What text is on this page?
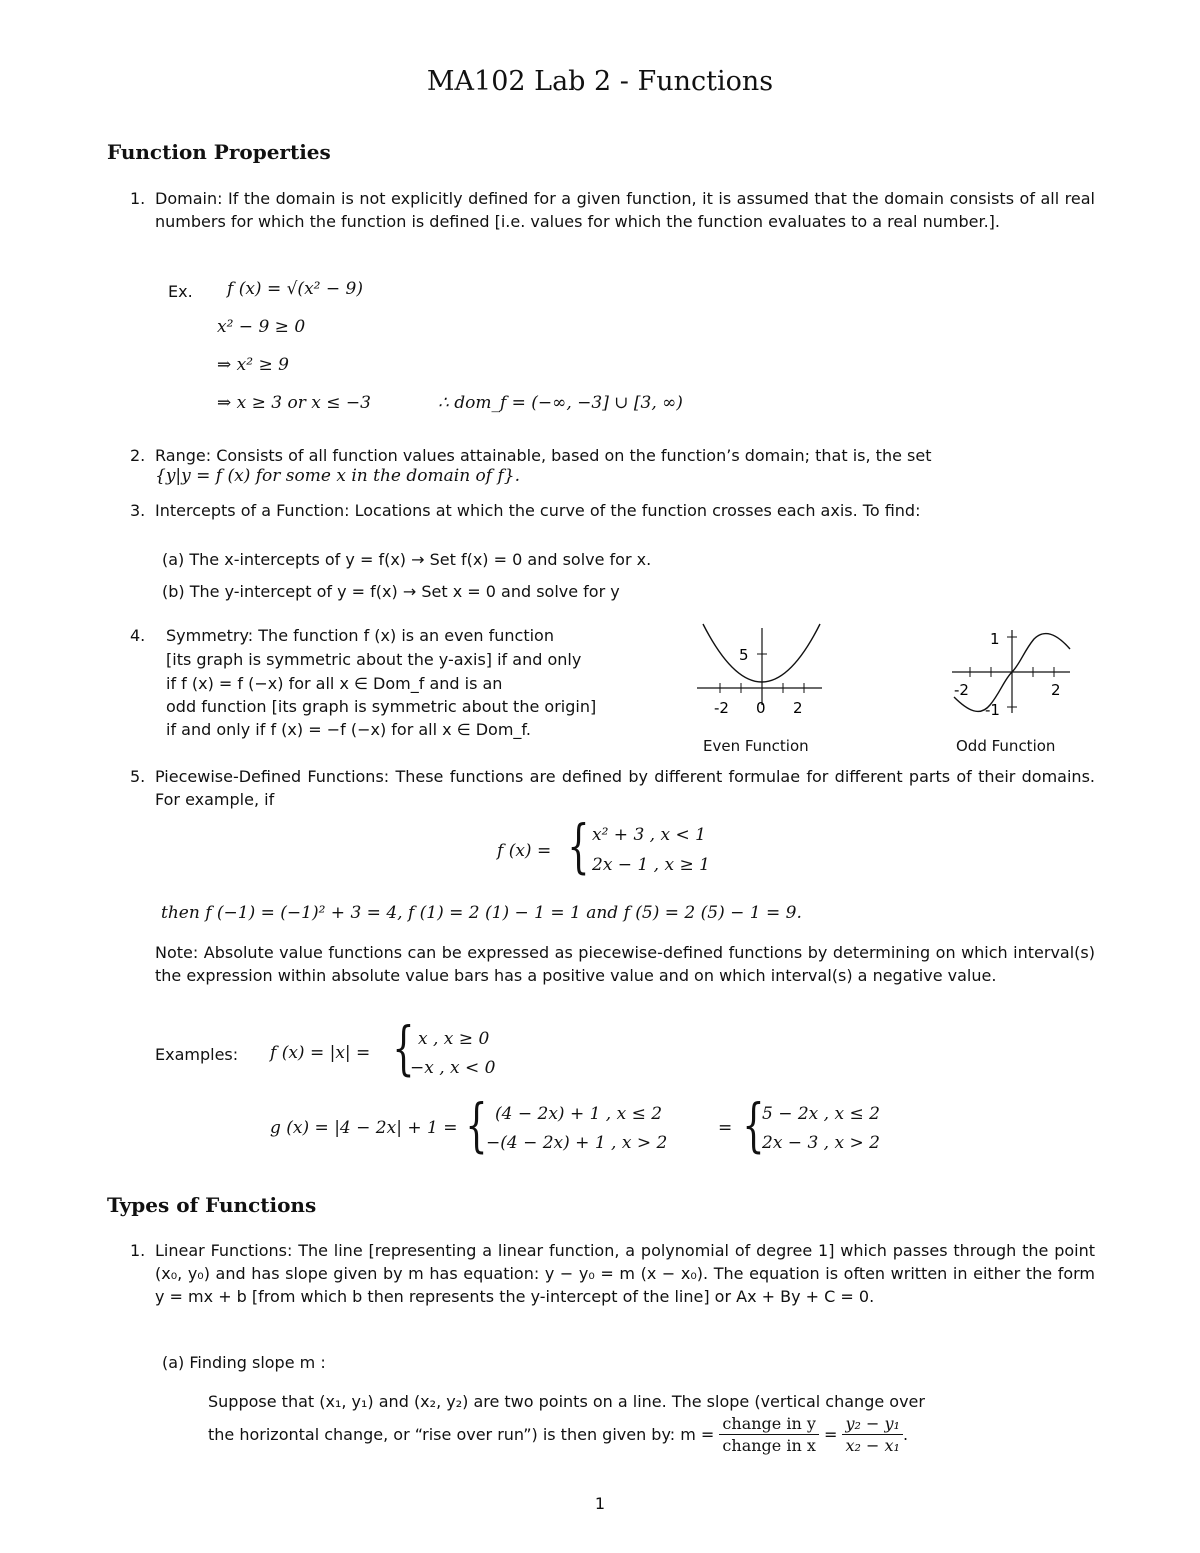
MA102 Lab 2 - Functions
Function Properties
1. Domain: If the domain is not explicitly defined for a given function, it is assumed that the domain consists of all real numbers for which the function is defined [i.e. values for which the function evaluates to a real number.].
Ex. f (x) = √(x² − 9)
x² − 9 ≥ 0
⇒ x² ≥ 9
⇒ x ≥ 3 or x ≤ −3	∴ dom_f = (−∞, −3] ∪ [3, ∞)
2. Range: Consists of all function values attainable, based on the function’s domain; that is, the set
{y|y = f (x) for some x in the domain of f}.
3. Intercepts of a Function: Locations at which the curve of the function crosses each axis. To find:
(a) The x-intercepts of y = f(x) → Set f(x) = 0 and solve for x.
(b) The y-intercept of y = f(x) → Set x = 0 and solve for y
4. Symmetry: The function f (x) is an even function
[its graph is symmetric about the y-axis] if and only
if f (x) = f (−x) for all x ∈ Dom_f and is an
odd function [its graph is symmetric about the origin]
if and only if f (x) = −f (−x) for all x ∈ Dom_f.
-2 0 2
5
Even Function
1
-2	2
-1
Odd Function
5. Piecewise-Defined Functions: These functions are defined by different formulae for different parts of their domains. For example, if
f (x) = { x² + 3 , x < 1
2x − 1 , x ≥ 1
then f (−1) = (−1)² + 3 = 4, f (1) = 2 (1) − 1 = 1 and f (5) = 2 (5) − 1 = 9.
Note: Absolute value functions can be expressed as piecewise-defined functions by determining on which interval(s) the expression within absolute value bars has a positive value and on which interval(s) a negative value.
Examples: f (x) = |x| = { x , x ≥ 0
−x , x < 0
g (x) = |4 − 2x| + 1 = { (4 − 2x) + 1 , x ≤ 2
−(4 − 2x) + 1 , x > 2
= {
5 − 2x , x ≤ 2
2x − 3 , x > 2
Types of Functions
1. Linear Functions: The line [representing a linear function, a polynomial of degree 1] which passes through the point (x₀, y₀) and has slope given by m has equation: y − y₀ = m (x − x₀). The equation is often written in either the form y = mx + b [from which b then represents the y-intercept of the line] or Ax + By + C = 0.
(a) Finding slope m :
Suppose that (x₁, y₁) and (x₂, y₂) are two points on a line. The slope (vertical change over
the horizontal change, or “rise over run”) is then given by: $m = \frac{\text{change in y}}{\text{change in x}} = \frac{\text{y₂ − y₁}}{\text{x₂ − x₁}}$ .
1
